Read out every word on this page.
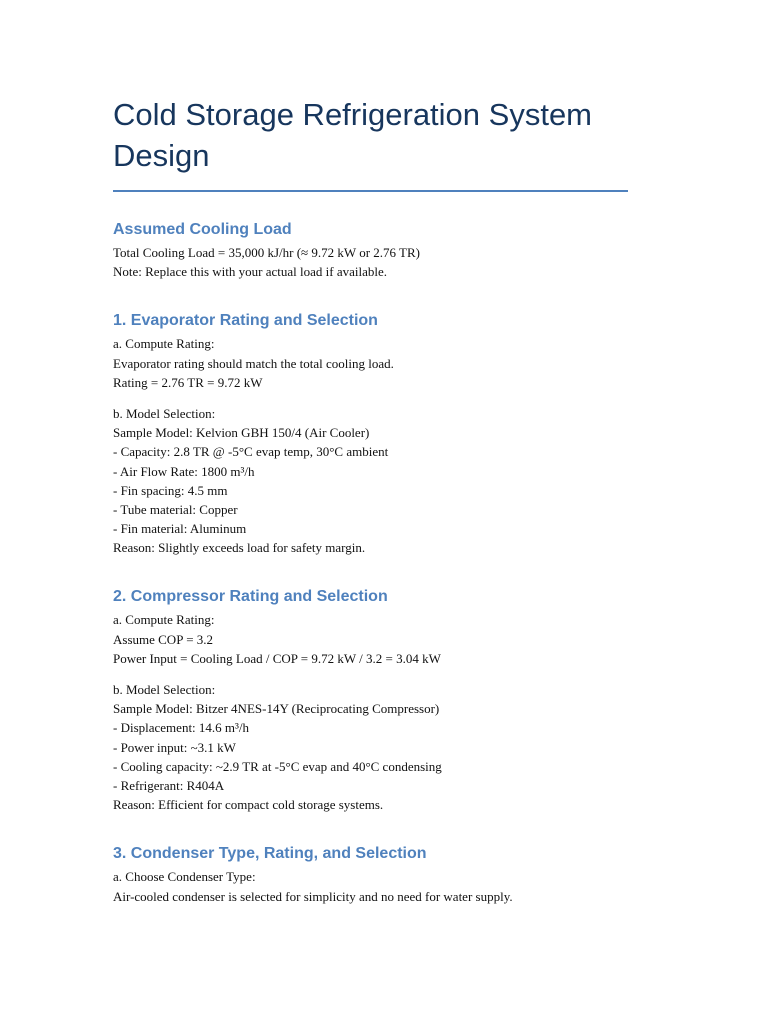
Cold Storage Refrigeration System Design
Assumed Cooling Load
Total Cooling Load = 35,000 kJ/hr (≈ 9.72 kW or 2.76 TR)
Note: Replace this with your actual load if available.
1. Evaporator Rating and Selection
a. Compute Rating:
Evaporator rating should match the total cooling load.
Rating = 2.76 TR = 9.72 kW
b. Model Selection:
Sample Model: Kelvion GBH 150/4 (Air Cooler)
- Capacity: 2.8 TR @ -5°C evap temp, 30°C ambient
- Air Flow Rate: 1800 m³/h
- Fin spacing: 4.5 mm
- Tube material: Copper
- Fin material: Aluminum
Reason: Slightly exceeds load for safety margin.
2. Compressor Rating and Selection
a. Compute Rating:
Assume COP = 3.2
Power Input = Cooling Load / COP = 9.72 kW / 3.2 = 3.04 kW
b. Model Selection:
Sample Model: Bitzer 4NES-14Y (Reciprocating Compressor)
- Displacement: 14.6 m³/h
- Power input: ~3.1 kW
- Cooling capacity: ~2.9 TR at -5°C evap and 40°C condensing
- Refrigerant: R404A
Reason: Efficient for compact cold storage systems.
3. Condenser Type, Rating, and Selection
a. Choose Condenser Type:
Air-cooled condenser is selected for simplicity and no need for water supply.
